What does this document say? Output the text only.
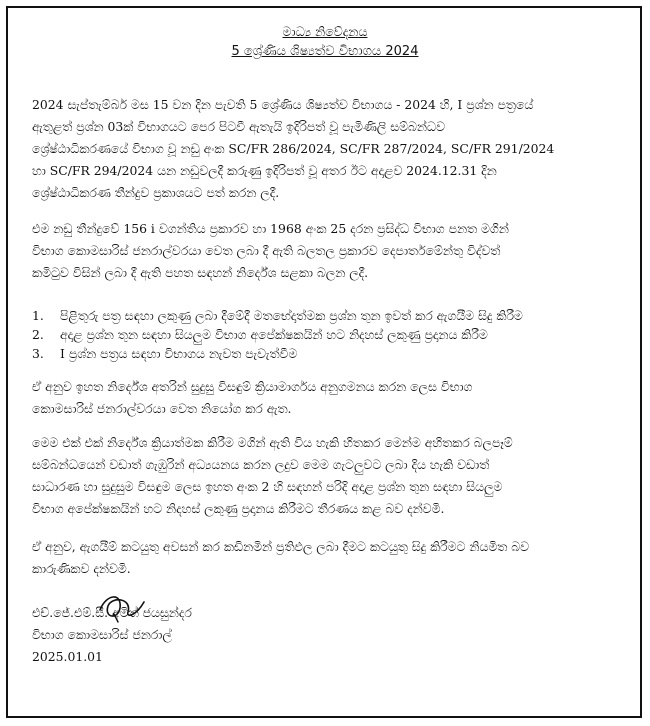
මාධ්‍ය නිවේදනය
5 ශ්‍රේණිය ශිෂ්‍යත්ව විභාගය 2024
2024 සැප්තැම්බර් මස 15 වන දින පැවති 5 ශ්‍රේණිය ශිෂ්‍යත්ව විභාගය - 2024 හි, I ප්‍රශ්න පත්‍රයේ
ඇතුළත් ප්‍රශ්න 03ක් විභාගයට පෙර පිටවී ඇතැයි ඉදිරිපත් වූ පැමිණිලි සම්බන්ධව
ශ්‍රේෂ්ඨාධිකරණයේ විභාග වූ නඩු අංක SC/FR 286/2024, SC/FR 287/2024, SC/FR 291/2024
හා SC/FR 294/2024 යන නඩුවලදී කරුණු ඉදිරිපත් වූ අතර ඊට අදාළව 2024.12.31 දින
ශ්‍රේෂ්ඨාධිකරණ තීන්දුව ප්‍රකාශයට පත් කරන ලදී.
එම නඩු තීන්දුවේ 156 i වගන්තිය ප්‍රකාරව හා 1968 අංක 25 දරන ප්‍රසිද්ධ විභාග පනත මගින්
විභාග කොමසාරිස් ජනරාල්වරයා වෙත ලබා දී ඇති බලතල ප්‍රකාරව දෙපාර්තමේන්තු විද්වත්
කමිටුව විසින් ලබා දී ඇති පහත සඳහන් නිර්දේශ සළකා බලන ලදී.
1.	පිළිතුරු පත්‍ර සඳහා ලකුණු ලබා දීමේදී මතභේදාත්මක ප්‍රශ්න තුන ඉවත් කර ඇගයීම සිදු කිරීම
2.	අදාළ ප්‍රශ්න තුන සඳහා සියලුම විභාග අපේක්ෂකයින් හට නිදහස් ලකුණු ප්‍රදානය කිරීම
3.	I ප්‍රශ්න පත්‍රය සඳහා විභාගය නැවත පැවැත්වීම
ඒ අනුව ඉහත නිර්දේශ අතරින් සුදුසු විසඳුම් ක්‍රියාමාර්ගය අනුගමනය කරන ලෙස විභාග
කොමසාරිස් ජනරාල්වරයා වෙත නියෝග කර ඇත.
මෙම එක් එක් නිර්දේශ ක්‍රියාත්මක කිරීම මගින් ඇති විය හැකි හිතකර මෙන්ම අහිතකර බලපෑම්
සම්බන්ධයෙන් වඩාත් ගැඹුරින් අධ්‍යයනය කරන ලදුව මෙම ගැටලුවට ලබා දිය හැකි වඩාත්
සාධාරණ හා සුදුසුම විසඳුම ලෙස ඉහත අංක 2 හි සඳහන් පරිදි අදාළ ප්‍රශ්න තුන සඳහා සියලුම
විභාග අපේක්ෂකයින් හට නිදහස් ලකුණු ප්‍රදානය කිරීමට තීරණය කළ බව දන්වමි.
ඒ අනුව, ඇගයීම් කටයුතු අවසන් කර කඩිනමින් ප්‍රතිඵල ලබා දීමට කටයුතු සිදු කිරීමට නියමිත බව
කාරුණිකව දන්වමි.
එච්.ජේ.එම්.සී. අමිත් ජයසුන්දර
විභාග කොමසාරිස් ජනරාල්
2025.01.01
